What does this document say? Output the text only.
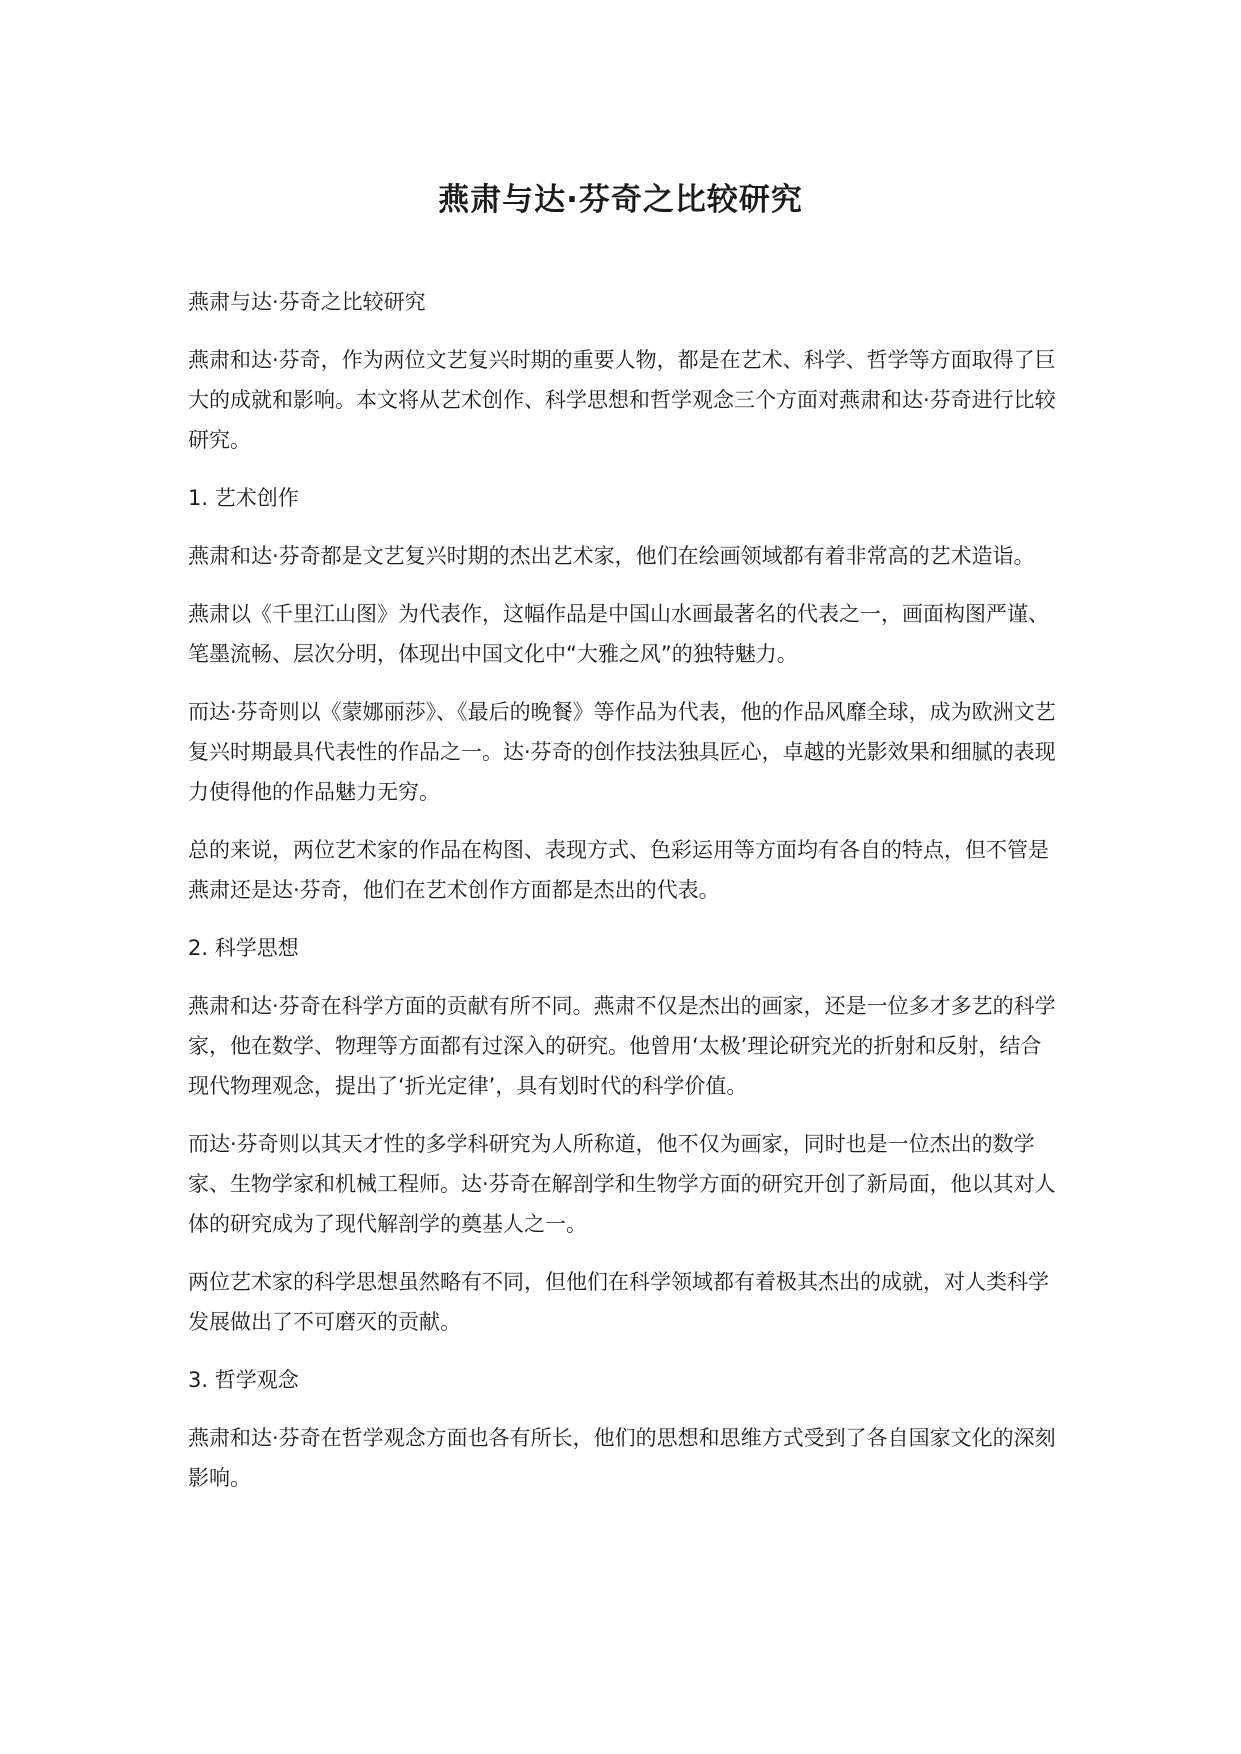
燕肃与达·芬奇之比较研究

燕肃与达·芬奇之比较研究

燕肃和达·芬奇，作为两位文艺复兴时期的重要人物，都是在艺术、科学、哲学等方面取得了巨大的成就和影响。本文将从艺术创作、科学思想和哲学观念三个方面对燕肃和达·芬奇进行比较研究。

1. 艺术创作

燕肃和达·芬奇都是文艺复兴时期的杰出艺术家，他们在绘画领域都有着非常高的艺术造诣。

燕肃以《千里江山图》为代表作，这幅作品是中国山水画最著名的代表之一，画面构图严谨、笔墨流畅、层次分明，体现出中国文化中“大雅之风”的独特魅力。

而达·芬奇则以《蒙娜丽莎》、《最后的晚餐》等作品为代表，他的作品风靡全球，成为欧洲文艺复兴时期最具代表性的作品之一。达·芬奇的创作技法独具匠心，卓越的光影效果和细腻的表现力使得他的作品魅力无穷。

总的来说，两位艺术家的作品在构图、表现方式、色彩运用等方面均有各自的特点，但不管是燕肃还是达·芬奇，他们在艺术创作方面都是杰出的代表。

2. 科学思想

燕肃和达·芬奇在科学方面的贡献有所不同。燕肃不仅是杰出的画家，还是一位多才多艺的科学家，他在数学、物理等方面都有过深入的研究。他曾用‘太极’理论研究光的折射和反射，结合现代物理观念，提出了‘折光定律’，具有划时代的科学价值。

而达·芬奇则以其天才性的多学科研究为人所称道，他不仅为画家，同时也是一位杰出的数学家、生物学家和机械工程师。达·芬奇在解剖学和生物学方面的研究开创了新局面，他以其对人体的研究成为了现代解剖学的奠基人之一。

两位艺术家的科学思想虽然略有不同，但他们在科学领域都有着极其杰出的成就，对人类科学发展做出了不可磨灭的贡献。

3. 哲学观念

燕肃和达·芬奇在哲学观念方面也各有所长，他们的思想和思维方式受到了各自国家文化的深刻影响。
